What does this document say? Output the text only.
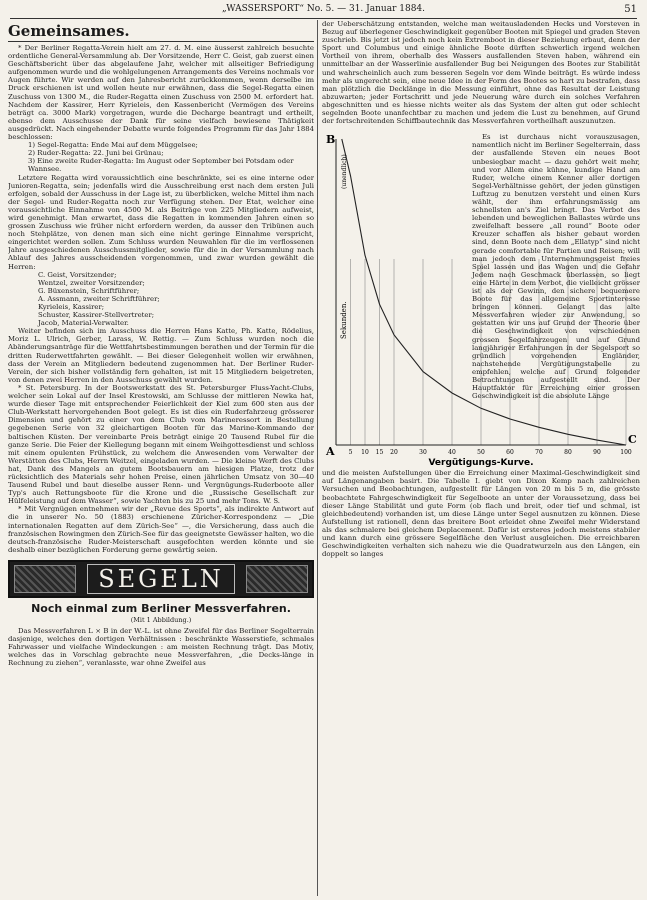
„WASSERSPORT“ No. 5. — 31. Januar 1884.	51
Gemeinsames.

* Der Berliner Regatta-Verein hielt am 27. d. M. eine äusserst zahlreich besuchte ordentliche General-Versammlung ab. Der Vorsitzende, Herr C. Geist, gab zuerst einen Geschäftsbericht über das abgelaufene Jahr, welcher mit allseitiger Befriedigung aufgenommen wurde und die wohlgelungenen Arrangements des Vereins nochmals vor Augen führte. Wir werden auf den Jahresbericht zurückkommen, wenn derselbe im Druck erschienen ist und wollen heute nur erwähnen, dass die Segel-Regatta einen Zuschuss von 1300 M., die Ruder-Regatta einen Zuschuss von 2500 M. erfordert hat. Nachdem der Kassirer, Herr Kyrieleis, den Kassenbericht (Vermögen des Vereins beträgt ca. 3000 Mark) vorgetragen, wurde die Decharge beantragt und ertheilt, ebenso dem Ausschusse der Dank für seine vielfach bewiesene Thätigkeit ausgedrückt. Nach eingehender Debatte wurde folgendes Programm für das Jahr 1884 beschlossen:

1) Segel-Regatta: Ende Mai auf dem Müggelsee;
2) Ruder-Regatta: 22. Juni bei Grünau;
3) Eine zweite Ruder-Regatta: Im August oder September bei Potsdam oder Wannsee.

Letztere Regatta wird voraussichtlich eine beschränkte, sei es eine interne oder Junioren-Regatta, sein; jedenfalls wird die Ausschreibung erst nach dem ersten Juli erfolgen, sobald der Ausschuss in der Lage ist, zu überblicken, welche Mittel ihm nach der Segel- und Ruder-Regatta noch zur Verfügung stehen. Der Etat, welcher eine voraussichtliche Einnahme von 4500 M. als Beiträge von 225 Mitgliedern aufweist, wird genehmigt. Man erwartet, dass die Regatten in kommenden Jahren einen so grossen Zuschuss wie früher nicht erfordern werden, da ausser den Tribünen auch noch Stehplätze, von denen man sich eine nicht geringe Einnahme verspricht, eingerichtet werden sollen. Zum Schluss wurden Neuwahlen für die im verflossenen Jahre ausgeschiedenen Ausschussmitglieder, sowie für die in der Versammlung nach Ablauf des Jahres ausscheidenden vorgenommen, und zwar wurden gewählt die Herren:

C. Geist, Vorsitzender;
Wentzel, zweiter Vorsitzender;
G. Büxenstein, Schriftführer;
A. Assmann, zweiter Schriftführer;
Kyrieleis, Kassirer;
Schuster, Kassirer-Stellvertreter;
Jacob, Material-Verwalter.

Weiter befinden sich im Ausschuss die Herren Hans Katte, Ph. Katte, Rödelius, Moriz L. Ulrich, Gerber, Larass, W. Rettig. — Zum Schluss wurden noch die Abänderungsanträge für die Wettfahrtsbestimmungen berathen und der Termin für die dritten Ruderwettfahrten gewählt. — Bei dieser Gelegenheit wollen wir erwähnen, dass der Verein an Mitgliedern bedeutend zugenommen hat. Der Berliner Ruder-Verein, der sich bisher vollständig fern gehalten, ist mit 15 Mitgliedern beigetreten, von denen zwei Herren in den Ausschuss gewählt wurden.

* St. Petersburg. In der Bootswerkstatt des St. Petersburger Fluss-Yacht-Clubs, welcher sein Lokal auf der Insel Krestowski, am Schlusse der mittleren Newka hat, wurde dieser Tage mit entsprechender Feierlichkeit der Kiel zum 600 sten aus der Club-Werkstatt hervorgehenden Boot gelegt. Es ist dies ein Ruderfahrzeug grösserer Dimension und gehört zu einer von dem Club vom Marineressort in Bestellung gegebenen Serie von 32 gleichartigen Booten für das Marine-Kommando der baltischen Küsten. Der vereinbarte Preis beträgt einige 20 Tausend Rubel für die ganze Serie. Die Feier der Kiellegung begann mit einem Weihgottesdienst und schloss mit einem opulenten Frühstück, zu welchem die Anwesenden vom Verwalter der Werstätten des Clubs, Herrn Weitzel, eingeladen wurden. — Die kleine Werft des Clubs hat, Dank des Mangels an gutem Bootsbauern am hiesigen Platze, trotz der rücksichtlich des Materials sehr hohen Preise, einen jährlichen Umsatz von 30—40 Tausend Rubel und baut dieselbe ausser Renn- und Vergnügungs-Ruderboote aller Typ's auch Rettungsboote für die Krone und die „Russische Gesellschaft zur Hülfeleistung auf dem Wasser“, sowie Yachten bis zu 25 und mehr Tons. W. S.

* Mit Vergnügen entnehmen wir der „Revue des Sports“, als indirekte Antwort auf die in unserer No. 50 (1883) erschienene Züricher-Korrespondenz — „Die internationalen Regatten auf dem Zürich-See“ —, die Versicherung, dass auch die französischen Rowingmen den Zürich-See für das geeignetste Gewässer halten, wo die deutsch-französische Ruder-Meisterschaft ausgefochten werden könnte und sie deshalb einer bezüglichen Forderung gerne gewärtig seien.

SEGELN
Noch einmal zum Berliner Messverfahren.
(Mit 1 Abbildung.)

Das Messverfahren L × B in der W.-L. ist ohne Zweifel für das Berliner Segelterrain dasjenige, welches den dortigen Verhältnissen : beschränkte Wasserstiefe, schmales Fahrwasser und vielfache Windeckungen : am meisten Rechnung trägt. Das Motiv, welches das in Vorschlag gebrachte neue Messverfahren, „die Decks-länge in Rechnung zu ziehen“, veranlasste, war ohne Zweifel aus

der Ueberschätzung entstanden, welche man weitausladenden Hecks und Vorsteven in Bezug auf überlegener Geschwindigkeit gegenüber Booten mit Spiegel und graden Steven zuschrieb. Bis jetzt ist jedoch noch kein Extremboot in dieser Beziehung erbaut, denn der Sport und Columbus und einige ähnliche Boote dürften schwerlich irgend welchen Vortheil von ihrem, oberhalb des Wassers ausfallenden Steven haben, während ein unmittelbar an der Wasserlinie ausfallender Bug bei Neigungen des Bootes zur Stabilität und wahrscheinlich auch zum besseren Segeln vor dem Winde beiträgt. Es würde indess mehr als ungerecht sein, eine neue Idee in der Form des Bootes so hart zu bestrafen, dass man plötzlich die Decklänge in die Messung einführt, ohne das Resultat der Leistung abzuwarten; jeder Fortschritt und jede Neuerung wäre durch ein solches Verfahren abgeschnitten und es hiesse nichts weiter als das System der alten gut oder schlecht segelnden Boote unanfechtbar zu machen und jedem die Lust zu benehmen, auf Grund der fortschreitenden Schiffbautechnik das Messverfahren vortheilhaft auszunutzen.

5 10 15 20	30	40	50	60	70	80	90	100
A
B
C
Sekunden.
(unendlich)
Vergütigungs-Kurve.

Es ist durchaus nicht vorauszusagen, namentlich nicht im Berliner Segelterrain, dass der ausfallende Steven ein neues Boot unbesiegbar macht — dazu gehört weit mehr, und vor Allem eine kühne, kundige Hand am Ruder, welche einem Kenner aller dortigen Segel-Verhältnisse gehört, der jeden günstigen Luftzug zu benutzen versteht und einen Kurs wählt, der ihm erfahrungsmässig am schnellsten an's Ziel bringt. Das Verbot des lebenden und beweglichen Ballastes würde uns zweifelhaft bessere „all round“ Boote oder Kreuzer schaffen als bisher gebaut worden sind, denn Boote nach dem „Ellatyp“ sind nicht gerade comfortable für Partien und Reisen; will man jedoch dem Unternehmungsgeist freies Spiel lassen und das Wagen und die Gefahr Jedem nach Geschmack überlassen, so liegt eine Härte in dem Verbot, die vielleicht grösser ist als der Gewinn, den sichere bequemere Boote für das allgemeine Sportinteresse bringen können. Gelangt das alte Messverfahren wieder zur Anwendung, so gestatten wir uns auf Grund der Theorie über die Geschwindigkeit von verschiedenen grossen Segelfahrzeugen und auf Grund langjähriger Erfahrungen in der Segelsport so gründlich vorgehenden Engländer, nachstehende Vergütigungstabelle zu empfehlen, welche auf Grund folgender Betrachtungen aufgestellt sind. Der Hauptfaktor für Erreichung einer grossen Geschwindigkeit ist die absolute Länge

und die meisten Aufstellungen über die Erreichung einer Maximal-Geschwindigkeit sind auf Längenangaben basirt. Die Tabelle I. giebt von Dixon Kemp nach zahlreichen Versuchen und Beobachtungen, aufgestellt für Längen von 20 m bis 5 m, die grösste beobachtete Fahrgeschwindigkeit für Segelboote an unter der Voraussetzung, dass bei dieser Länge Stabilität und gute Form (ob flach und breit, oder tief und schmal, ist gleichbedeutend) vorhanden ist, um diese Länge unter Segel ausnutzen zu können. Diese Aufstellung ist rationell, denn das breitere Boot erleidet ohne Zweifel mehr Widerstand als das schmalere bei gleichem Deplacement. Dafür ist ersteres jedoch meistens stabiler und kann durch eine grössere Segelfläche den Verlust ausgleichen. Die erreichbaren Geschwindigkeiten verhalten sich nahezu wie die Quadratwurzeln aus den Längen, ein doppelt so langes
